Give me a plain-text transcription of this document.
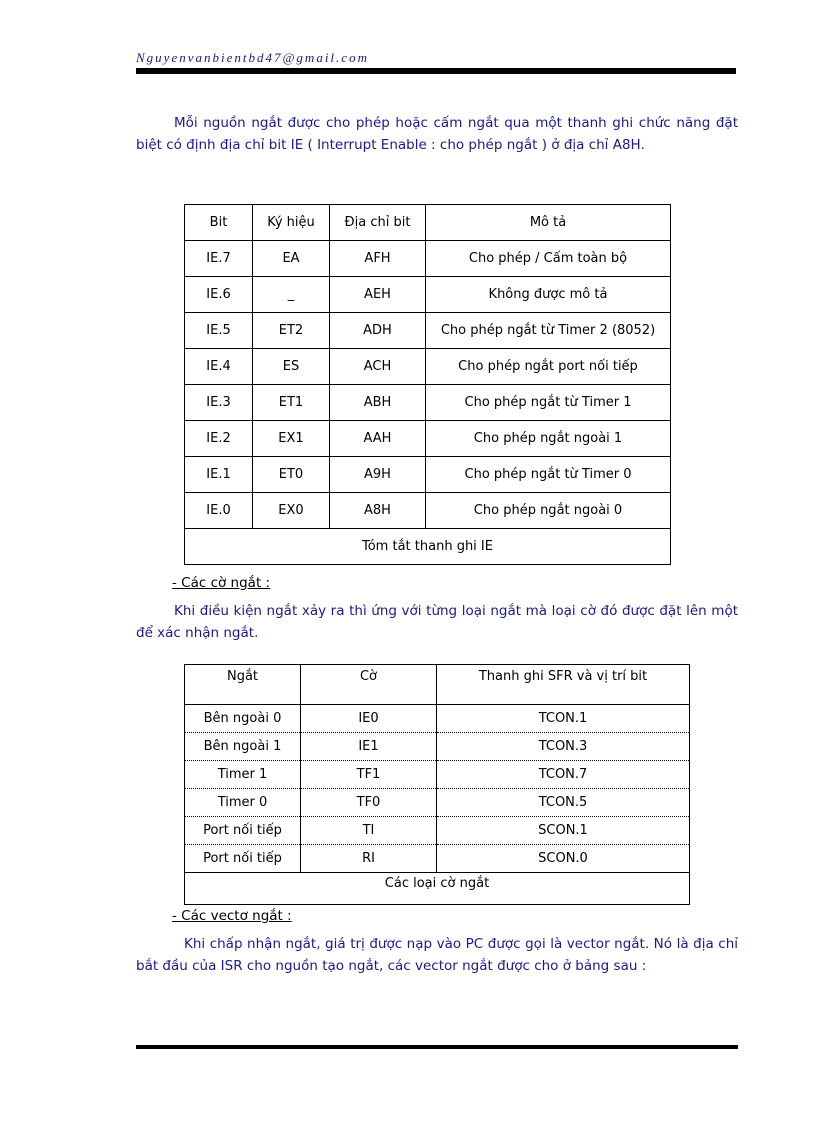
Nguyenvanbientbd47@gmail.com
Mỗi nguồn ngắt được cho phép hoặc cấm ngắt qua một thanh ghi chức năng đặt biệt có định địa chỉ bit IE ( Interrupt Enable : cho phép ngắt ) ở địa chỉ A8H.
Bit	Ký hiệu	Địa chỉ bit	Mô tả
IE.7	EA	AFH	Cho phép / Cấm toàn bộ
IE.6	_	AEH	Không được mô tả
IE.5	ET2	ADH	Cho phép ngắt từ Timer 2 (8052)
IE.4	ES	ACH	Cho phép ngắt port nối tiếp
IE.3	ET1	ABH	Cho phép ngắt từ Timer 1
IE.2	EX1	AAH	Cho phép ngắt ngoài 1
IE.1	ET0	A9H	Cho phép ngắt từ Timer 0
IE.0	EX0	A8H	Cho phép ngắt ngoài 0
Tóm tắt thanh ghi IE			
- Các cờ ngắt :
Khi điều kiện ngắt xảy ra thì ứng với từng loại ngắt mà loại cờ đó được đặt lên một để xác nhận ngắt.
Ngắt	Cờ	Thanh ghi SFR và vị trí bit
Bên ngoài 0	IE0	TCON.1
Bên ngoài 1	IE1	TCON.3
Timer 1	TF1	TCON.7
Timer 0	TF0	TCON.5
Port nối tiếp	TI	SCON.1
Port nối tiếp	RI	SCON.0
Các loại cờ ngắt		
- Các vectơ ngắt :
Khi chấp nhận ngắt, giá trị được nạp vào PC được gọi là vector ngắt. Nó là địa chỉ bắt đầu của ISR cho nguồn tạo ngắt, các vector ngắt được cho ở bảng sau :
